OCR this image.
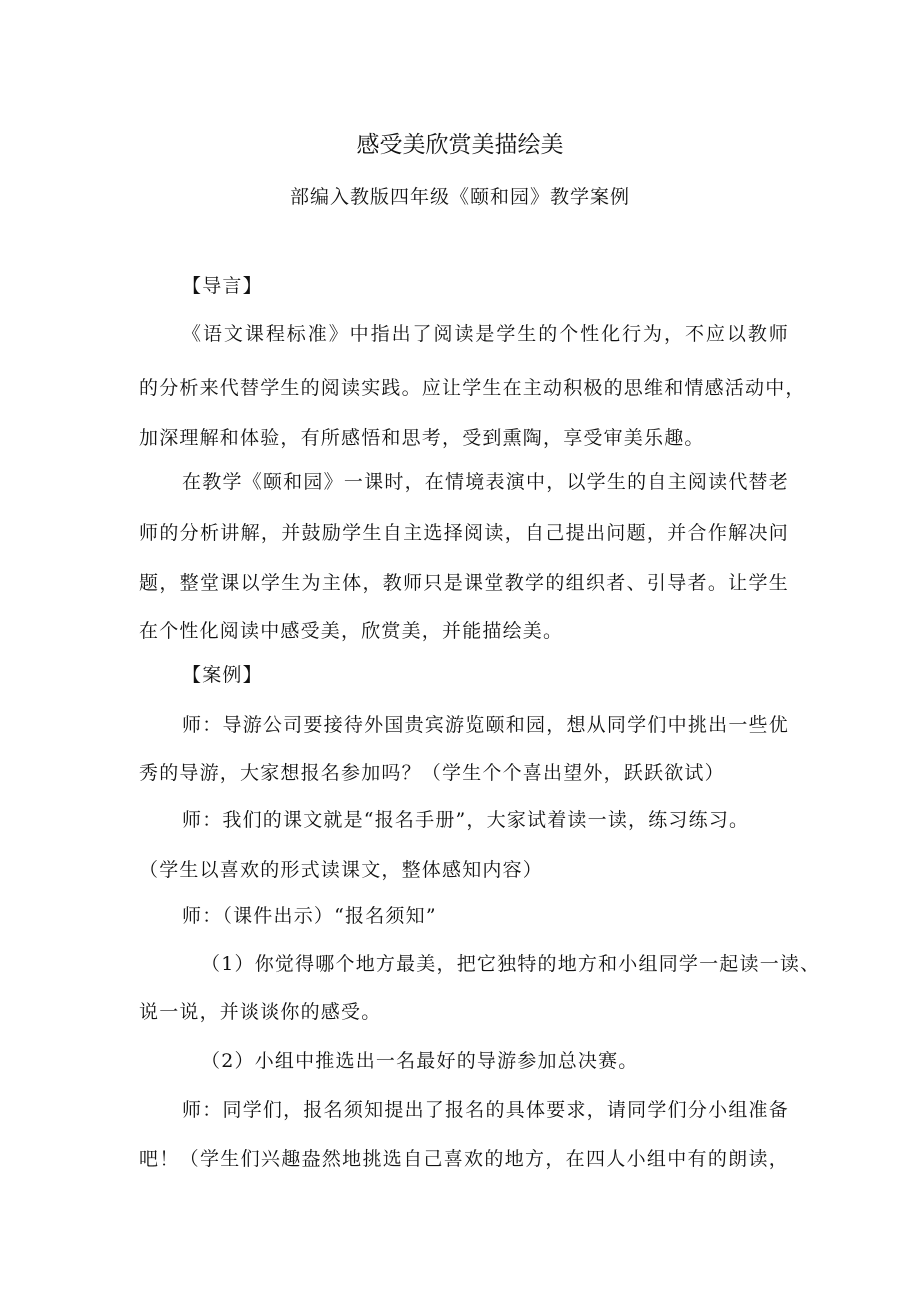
感受美欣赏美描绘美
部编入教版四年级《颐和园》教学案例
【导言】
《语文课程标准》中指出了阅读是学生的个性化行为，不应以教师
的分析来代替学生的阅读实践。应让学生在主动积极的思维和情感活动中，
加深理解和体验，有所感悟和思考，受到熏陶，享受审美乐趣。
在教学《颐和园》一课时，在情境表演中，以学生的自主阅读代替老
师的分析讲解，并鼓励学生自主选择阅读，自己提出问题，并合作解决问
题，整堂课以学生为主体，教师只是课堂教学的组织者、引导者。让学生
在个性化阅读中感受美，欣赏美，并能描绘美。
【案例】
师：导游公司要接待外国贵宾游览颐和园，想从同学们中挑出一些优
秀的导游，大家想报名参加吗？（学生个个喜出望外，跃跃欲试）
师：我们的课文就是“报名手册”，大家试着读一读，练习练习。
（学生以喜欢的形式读课文，整体感知内容）
师：（课件出示）“报名须知”
（1）你觉得哪个地方最美，把它独特的地方和小组同学一起读一读、
说一说，并谈谈你的感受。
（2）小组中推选出一名最好的导游参加总决赛。
师：同学们，报名须知提出了报名的具体要求，请同学们分小组准备
吧！（学生们兴趣盎然地挑选自己喜欢的地方，在四人小组中有的朗读，
